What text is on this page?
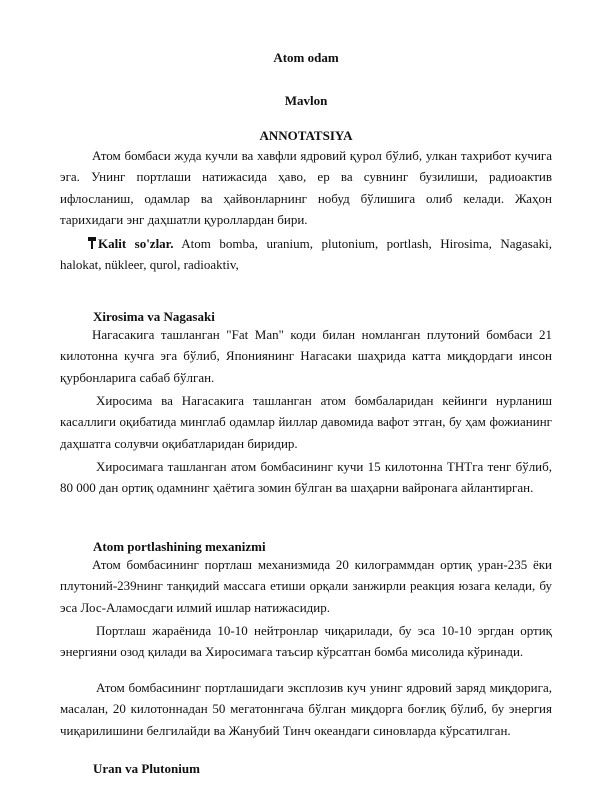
Atom odam
Mavlon
ANNOTATSIYA
Атом бомбаси жуда кучли ва хавфли ядровий қурол бўлиб, улкан тахрибот кучига эга. Унинг портлаши натижасида ҳаво, ер ва сувнинг бузилиши, радиоактив ифлосланиш, одамлар ва ҳайвонларнинг нобуд бўлишига олиб келади. Жаҳон тарихидаги энг даҳшатли қуроллардан бири.
Kalit so'zlar. Atom bomba, uranium, plutonium, portlash, Hirosima, Nagasaki, halokat, nükleer, qurol, radioaktiv,
Xirosima va Nagasaki
Нагасакига ташланган "Fat Man" коди билан номланган плутоний бомбаси 21 килотонна кучга эга бўлиб, Япониянинг Нагасаки шаҳрида катта миқдордаги инсон қурбонларига сабаб бўлган.
Хиросима ва Нагасакига ташланган атом бомбаларидан кейинги нурланиш касаллиги оқибатида минглаб одамлар йиллар давомида вафот этган, бу ҳам фожианинг даҳшатга солувчи оқибатларидан биридир.
Хиросимага ташланган атом бомбасининг кучи 15 килотонна ТНТга тенг бўлиб, 80 000 дан ортиқ одамнинг ҳаётига зомин бўлган ва шаҳарни вайронага айлантирган.
Atom portlashining mexanizmi
Атом бомбасининг портлаш механизмида 20 килограммдан ортиқ уран-235 ёки плутоний-239нинг танқидий массага етиши орқали занжирли реакция юзага келади, бу эса Лос-Аламосдаги илмий ишлар натижасидир.
Портлаш жараёнида 10-10 нейтронлар чиқарилади, бу эса 10-10 эргдан ортиқ энергияни озод қилади ва Хиросимага таъсир кўрсатган бомба мисолида кўринади.
Атом бомбасининг портлашидаги эксплозив куч унинг ядровий заряд миқдорига, масалан, 20 килотоннадан 50 мегатоннгача бўлган миқдорга боғлиқ бўлиб, бу энергия чиқарилишини белгилайди ва Жанубий Тинч океандаги синовларда кўрсатилган.
Uran va Plutonium
